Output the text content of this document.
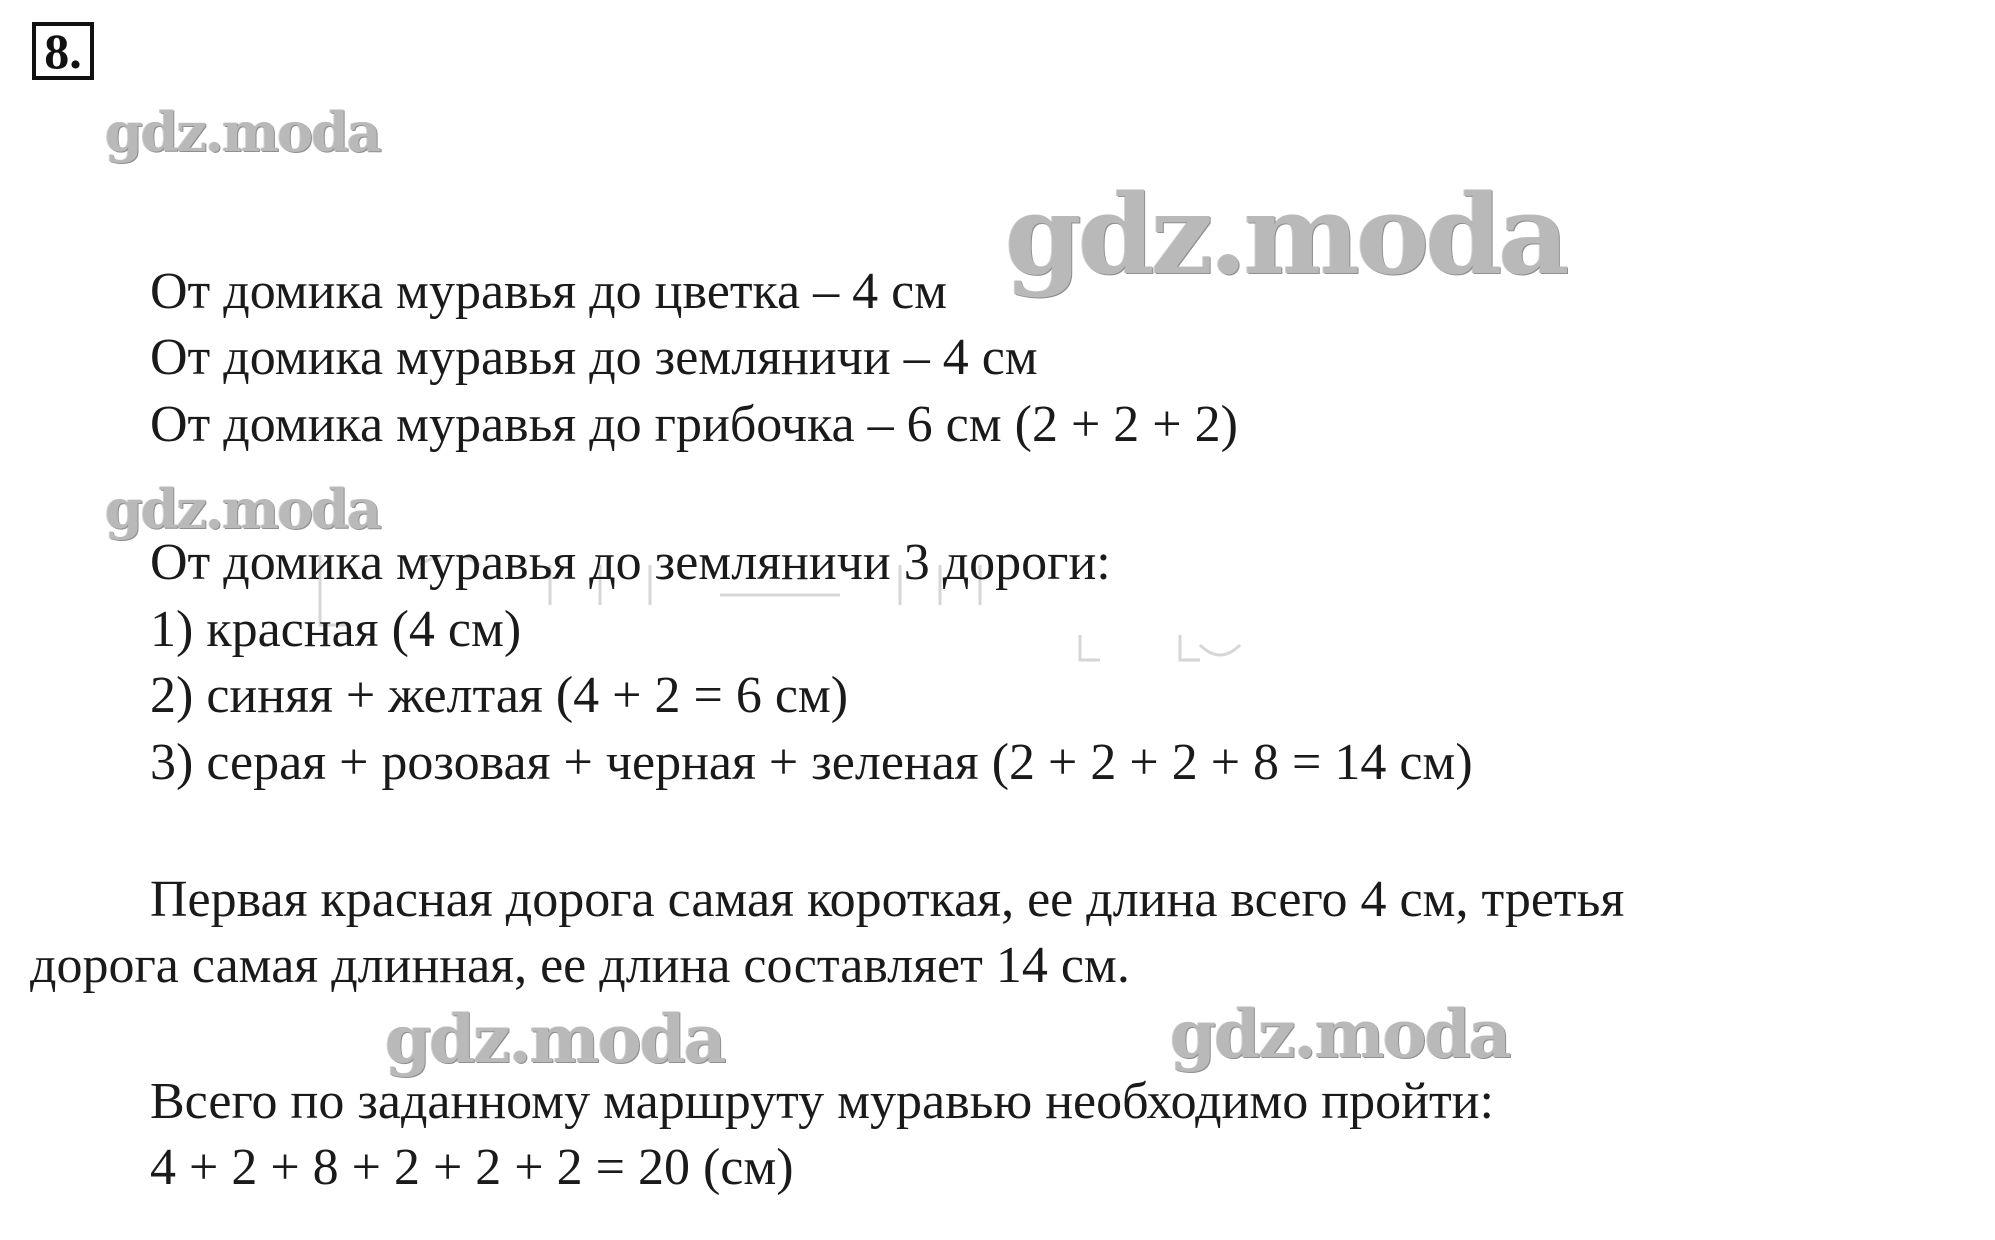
8.
gdz.moda
gdz.moda
gdz.moda
gdz.moda	gdz.moda
От домика муравья до цветка – 4 см
От домика муравья до земляничи – 4 см
От домика муравья до грибочка – 6 см (2 + 2 + 2)
От домика муравья до земляничи 3 дороги:
1) красная (4 см)
2) синяя + желтая (4 + 2 = 6 см)
3) серая + розовая + черная + зеленая (2 + 2 + 2 + 8 = 14 см)
Первая красная дорога самая короткая, ее длина всего 4 см, третья
дорога самая длинная, ее длина составляет 14 см.
Всего по заданному маршруту муравью необходимо пройти:
4 + 2 + 8 + 2 + 2 + 2 = 20 (см)
